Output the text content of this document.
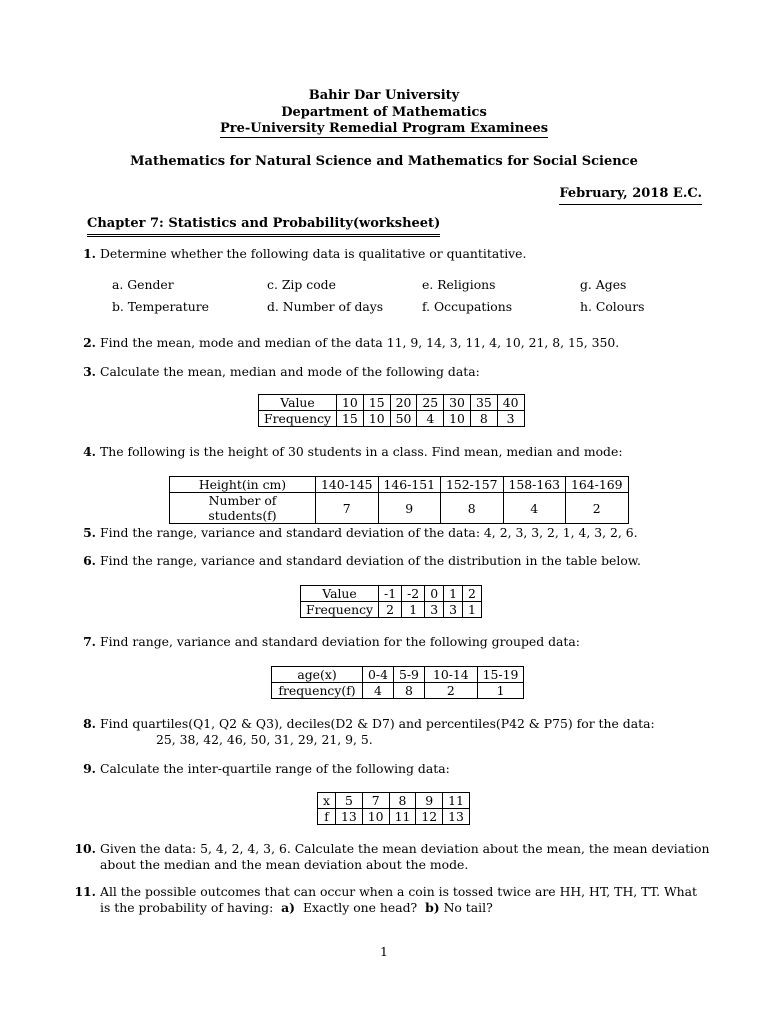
Bahir Dar University
Department of Mathematics
Pre-University Remedial Program Examinees
Mathematics for Natural Science and Mathematics for Social Science
February, 2018 E.C.
Chapter 7: Statistics and Probability(worksheet)
1. Determine whether the following data is qualitative or quantitative.
a. Gender	c. Zip code	e. Religions	g. Ages
b. Temperature	d. Number of days	f. Occupations	h. Colours
2. Find the mean, mode and median of the data 11, 9, 14, 3, 11, 4, 10, 21, 8, 15, 350.
3. Calculate the mean, median and mode of the following data:
Value	10	15	20	25	30	35	40
Frequency	15	10	50	4	10	8	3
4. The following is the height of 30 students in a class. Find mean, median and mode:
Height(in cm)	140-145	146-151	152-157	158-163	164-169
Number of students(f)	7	9	8	4	2
5. Find the range, variance and standard deviation of the data: 4, 2, 3, 3, 2, 1, 4, 3, 2, 6.
6. Find the range, variance and standard deviation of the distribution in the table below.
Value	-1	-2	0	1	2
Frequency	2	1	3	3	1
7. Find range, variance and standard deviation for the following grouped data:
age(x)	0-4	5-9	10-14	15-19
frequency(f)	4	8	2	1
8. Find quartiles(Q1, Q2 & Q3), deciles(D2 & D7) and percentiles(P42 & P75) for the data:
25, 38, 42, 46, 50, 31, 29, 21, 9, 5.
9. Calculate the inter-quartile range of the following data:
x	5	7	8	9	11
f	13	10	11	12	13
10. Given the data: 5, 4, 2, 4, 3, 6. Calculate the mean deviation about the mean, the mean deviation
about the median and the mean deviation about the mode.
11. All the possible outcomes that can occur when a coin is tossed twice are HH, HT, TH, TT. What
is the probability of having: a) Exactly one head? b) No tail?
1
